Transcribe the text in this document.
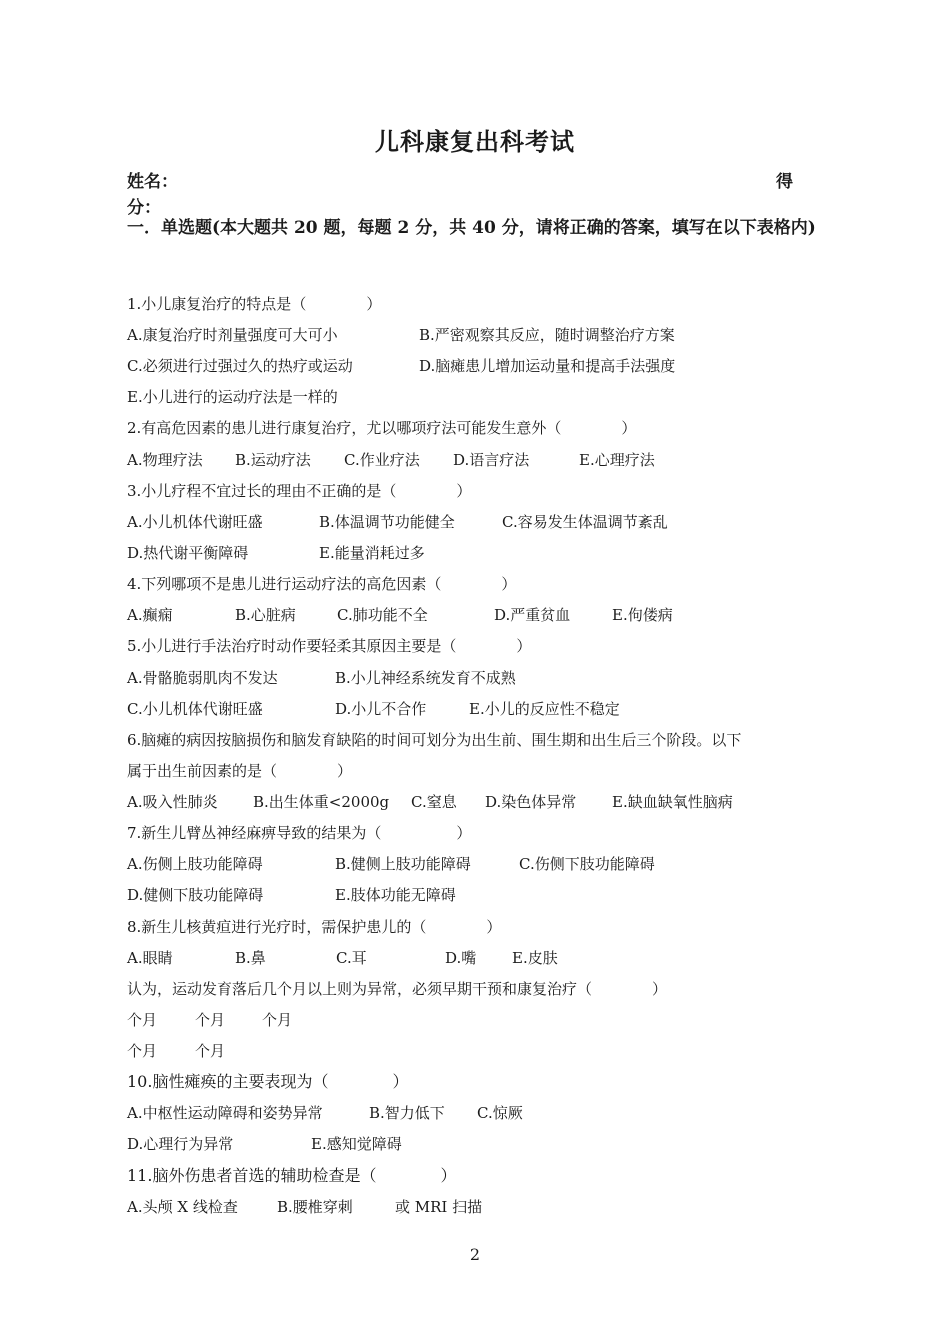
儿科康复出科考试
姓名：	得
分：
一．单选题(本大题共 20 题，每题 2 分，共 40 分，请将正确的答案，填写在以下表格内)
1.小儿康复治疗的特点是（　　　　）
A.康复治疗时剂量强度可大可小	B.严密观察其反应，随时调整治疗方案
C.必须进行过强过久的热疗或运动	D.脑瘫患儿增加运动量和提高手法强度
E.小儿进行的运动疗法是一样的
2.有高危因素的患儿进行康复治疗，尤以哪项疗法可能发生意外（　　　　）
A.物理疗法 B.运动疗法 C.作业疗法 D.语言疗法	E.心理疗法
3.小儿疗程不宜过长的理由不正确的是（　　　　）
A.小儿机体代谢旺盛	B.体温调节功能健全	C.容易发生体温调节紊乱
D.热代谢平衡障碍	E.能量消耗过多
4.下列哪项不是患儿进行运动疗法的高危因素（　　　　）
A.癫痫	B.心脏病	C.肺功能不全	D.严重贫血	E.佝偻病
5.小儿进行手法治疗时动作要轻柔其原因主要是（　　　　）
A.骨骼脆弱肌肉不发达	B.小儿神经系统发育不成熟
C.小儿机体代谢旺盛	D.小儿不合作	E.小儿的反应性不稳定
6.脑瘫的病因按脑损伤和脑发育缺陷的时间可划分为出生前、围生期和出生后三个阶段。以下
属于出生前因素的是（　　　　）
A.吸入性肺炎 B.出生体重<2000g C.窒息 D.染色体异常 E.缺血缺氧性脑病
7.新生儿臂丛神经麻痹导致的结果为（　　　　　）
A.伤侧上肢功能障碍	B.健侧上肢功能障碍	C.伤侧下肢功能障碍
D.健侧下肢功能障碍	E.肢体功能无障碍
8.新生儿核黄疸进行光疗时，需保护患儿的（　　　　）
A.眼睛	B.鼻	C.耳	D.嘴 E.皮肤
认为，运动发育落后几个月以上则为异常，必须早期干预和康复治疗（　　　　）
个月	个月 个月
个月	个月
10.脑性瘫痪的主要表现为（　　　　）
A.中枢性运动障碍和姿势异常	B.智力低下 C.惊厥
D.心理行为异常	E.感知觉障碍
11.脑外伤患者首选的辅助检查是（　　　　）
A.头颅 X 线检查	B.腰椎穿刺	或 MRI 扫描
2
